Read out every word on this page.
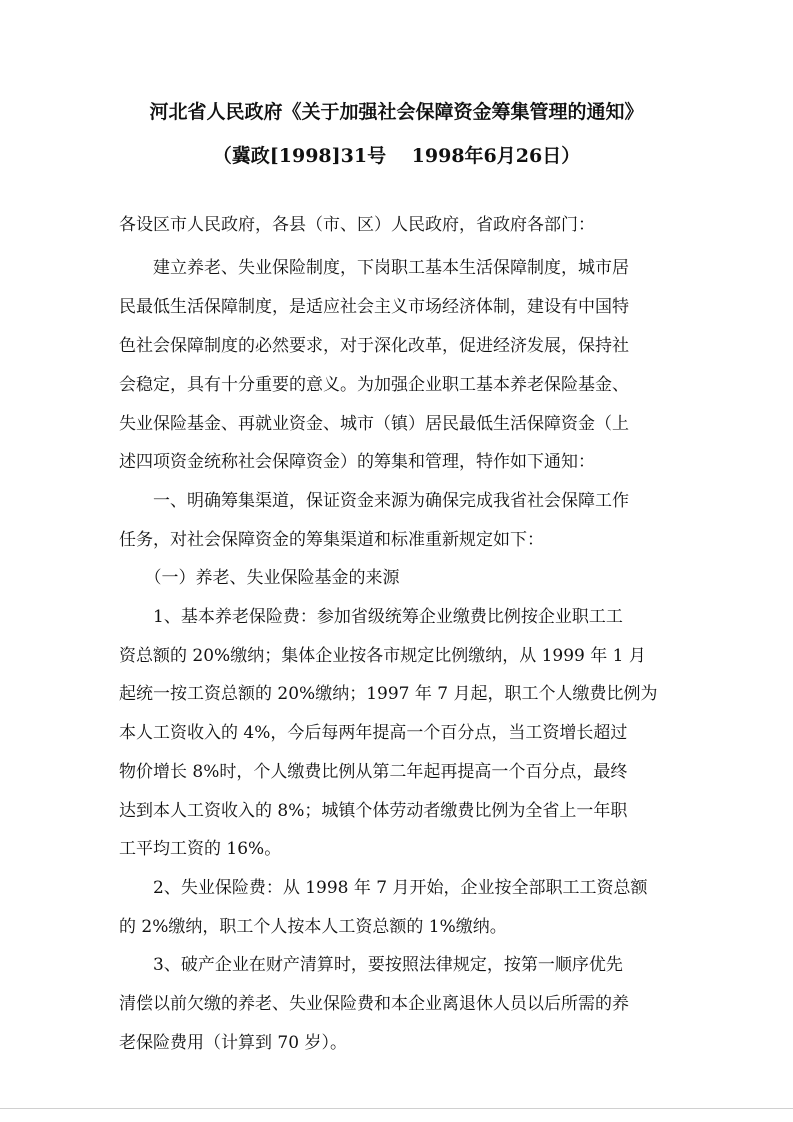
河北省人民政府《关于加强社会保障资金筹集管理的通知》
（冀政[1998]31号　 1998年6月26日）
各设区市人民政府，各县（市、区）人民政府，省政府各部门：
　　建立养老、失业保险制度，下岗职工基本生活保障制度，城市居
民最低生活保障制度，是适应社会主义市场经济体制，建设有中国特
色社会保障制度的必然要求，对于深化改革，促进经济发展，保持社
会稳定，具有十分重要的意义。为加强企业职工基本养老保险基金、
失业保险基金、再就业资金、城市（镇）居民最低生活保障资金（上
述四项资金统称社会保障资金）的筹集和管理，特作如下通知：
　　一、明确筹集渠道，保证资金来源为确保完成我省社会保障工作
任务，对社会保障资金的筹集渠道和标准重新规定如下：
　　（一）养老、失业保险基金的来源
　　1、基本养老保险费：参加省级统筹企业缴费比例按企业职工工
资总额的 20%缴纳；集体企业按各市规定比例缴纳，从 1999 年 1 月
起统一按工资总额的 20%缴纳；1997 年 7 月起，职工个人缴费比例为
本人工资收入的 4%，今后每两年提高一个百分点，当工资增长超过
物价增长 8%时，个人缴费比例从第二年起再提高一个百分点，最终
达到本人工资收入的 8%；城镇个体劳动者缴费比例为全省上一年职
工平均工资的 16%。
　　2、失业保险费：从 1998 年 7 月开始，企业按全部职工工资总额
的 2%缴纳，职工个人按本人工资总额的 1%缴纳。
　　3、破产企业在财产清算时，要按照法律规定，按第一顺序优先
清偿以前欠缴的养老、失业保险费和本企业离退休人员以后所需的养
老保险费用（计算到 70 岁）。
